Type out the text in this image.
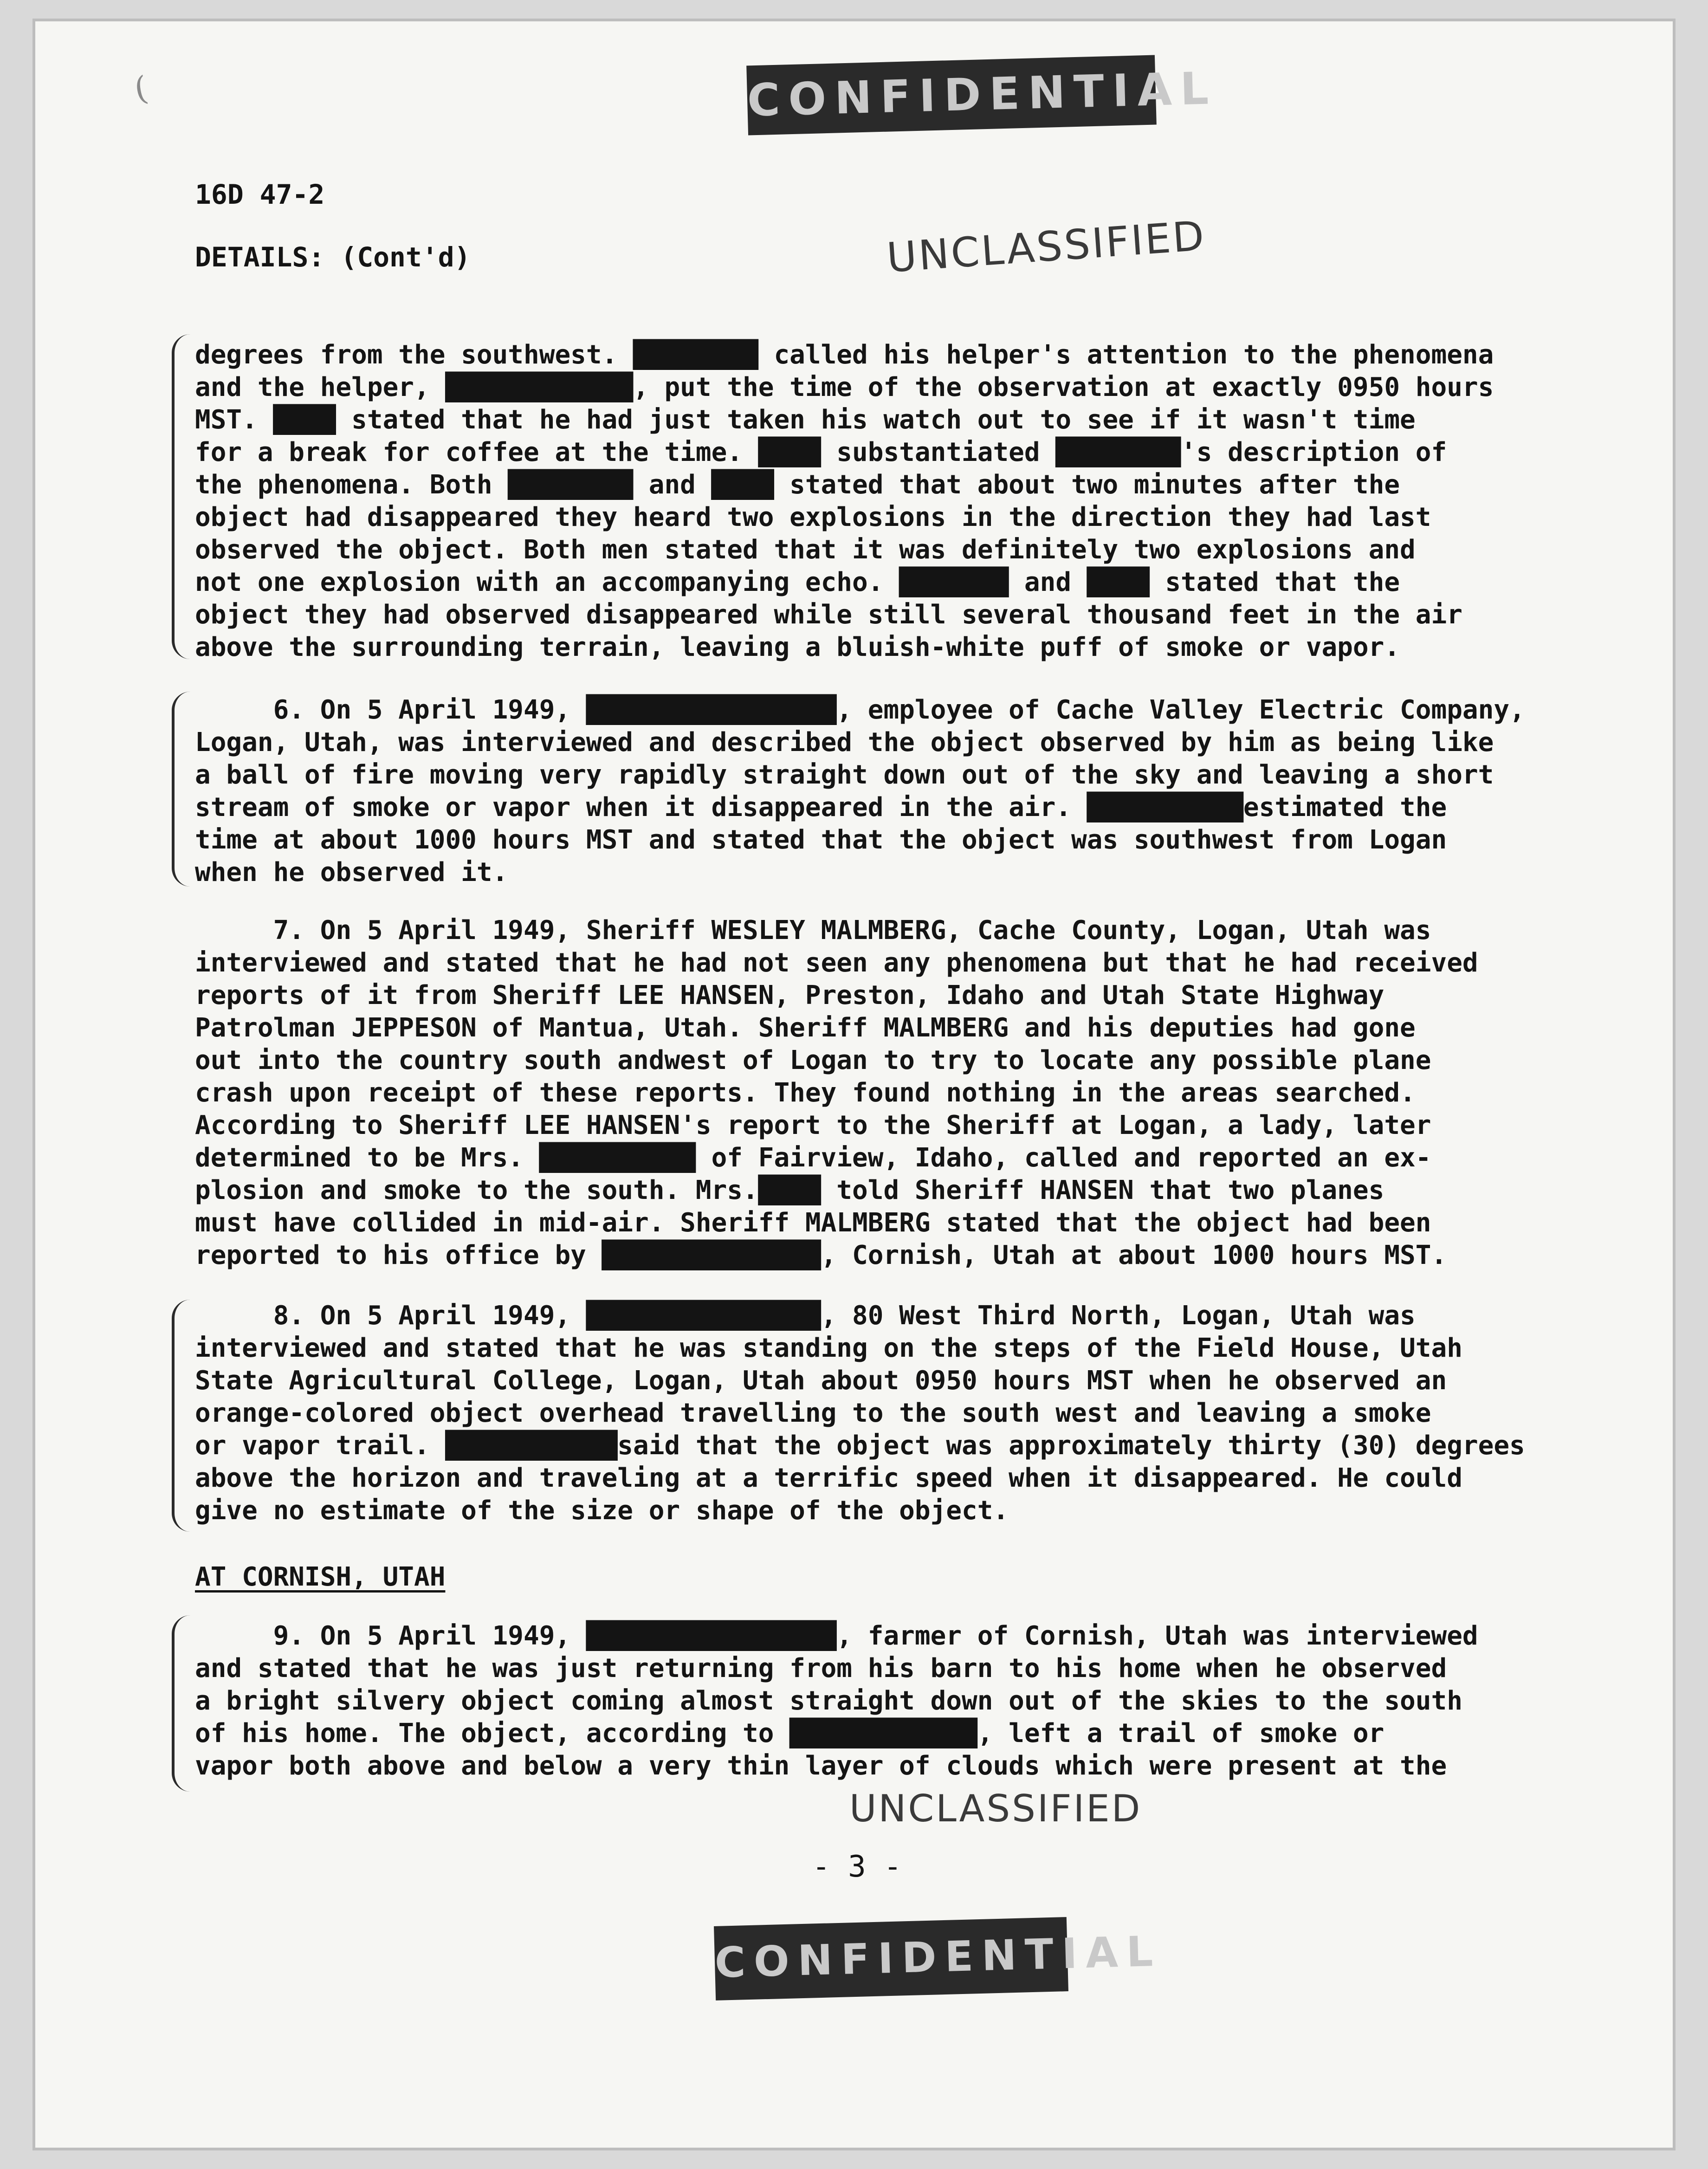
CONFIDENTIAL
(
16D 47-2
DETAILS: (Cont'd)	UNCLASSIFIED

degrees from the southwest. ████████ called his helper's attention to the phenomena
and the helper, ████████████, put the time of the observation at exactly 0950 hours
MST. ████ stated that he had just taken his watch out to see if it wasn't time
for a break for coffee at the time. ████ substantiated ████████'s description of
the phenomena. Both ████████ and ████ stated that about two minutes after the
object had disappeared they heard two explosions in the direction they had last
observed the object. Both men stated that it was definitely two explosions and
not one explosion with an accompanying echo. ███████ and ████ stated that the
object they had observed disappeared while still several thousand feet in the air
above the surrounding terrain, leaving a bluish-white puff of smoke or vapor.

6. On 5 April 1949, ████████████████, employee of Cache Valley Electric Company,
Logan, Utah, was interviewed and described the object observed by him as being like
a ball of fire moving very rapidly straight down out of the sky and leaving a short
stream of smoke or vapor when it disappeared in the air. ██████████estimated the
time at about 1000 hours MST and stated that the object was southwest from Logan
when he observed it.

7. On 5 April 1949, Sheriff WESLEY MALMBERG, Cache County, Logan, Utah was
interviewed and stated that he had not seen any phenomena but that he had received
reports of it from Sheriff LEE HANSEN, Preston, Idaho and Utah State Highway
Patrolman JEPPESON of Mantua, Utah. Sheriff MALMBERG and his deputies had gone
out into the country south andwest of Logan to try to locate any possible plane
crash upon receipt of these reports. They found nothing in the areas searched.
According to Sheriff LEE HANSEN's report to the Sheriff at Logan, a lady, later
determined to be Mrs. ██████████ of Fairview, Idaho, called and reported an ex-
plosion and smoke to the south. Mrs.████ told Sheriff HANSEN that two planes
must have collided in mid-air. Sheriff MALMBERG stated that the object had been
reported to his office by ██████████████, Cornish, Utah at about 1000 hours MST.

8. On 5 April 1949, ███████████████, 80 West Third North, Logan, Utah was
interviewed and stated that he was standing on the steps of the Field House, Utah
State Agricultural College, Logan, Utah about 0950 hours MST when he observed an
orange-colored object overhead travelling to the south west and leaving a smoke
or vapor trail. ███████████said that the object was approximately thirty (30) degrees
above the horizon and traveling at a terrific speed when it disappeared. He could
give no estimate of the size or shape of the object.

AT CORNISH, UTAH

9. On 5 April 1949, ████████████████, farmer of Cornish, Utah was interviewed
and stated that he was just returning from his barn to his home when he observed
a bright silvery object coming almost straight down out of the skies to the south
of his home. The object, according to ████████████, left a trail of smoke or
vapor both above and below a very thin layer of clouds which were present at the

UNCLASSIFIED
- 3 -
CONFIDENTIAL
